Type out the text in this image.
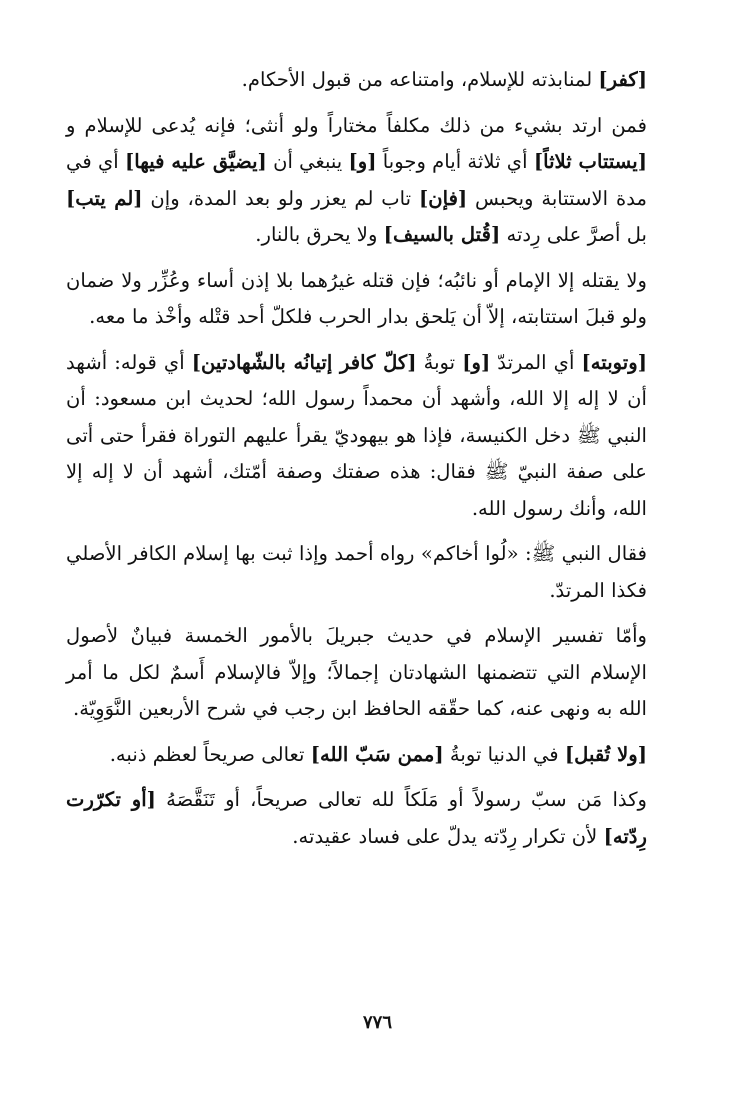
[كفر] لمنابذته للإسلام، وامتناعه من قبول الأحكام.

فمن ارتد بشيء من ذلك مكلفاً مختاراً ولو أنثى؛ فإنه يُدعى للإسلام و [يستتاب ثلاثاً] أي ثلاثة أيام وجوباً [و] ينبغي أن [يضيَّق عليه فيها] أي في مدة الاستتابة ويحبس [فإن] تاب لم يعزر ولو بعد المدة، وإن [لم يتب] بل أصرَّ على رِدته [قُتل بالسيف] ولا يحرق بالنار.

ولا يقتله إلا الإمام أو نائبُه؛ فإن قتله غيرُهما بلا إذن أساء وعُزِّر ولا ضمان ولو قبلَ استتابته، إلاّ أن يَلحق بدار الحرب فلكلّ أحد قتْله وأخْذ ما معه.

[وتوبته] أي المرتدّ [و] توبةُ [كلّ كافر إتيانُه بالشّهادتين] أي قوله: أشهد أن لا إله إلا الله، وأشهد أن محمداً رسول الله؛ لحديث ابن مسعود: أن النبي ﷺ دخل الكنيسة، فإذا هو بيهوديّ يقرأ عليهم التوراة فقرأ حتى أتى على صفة النبيّ ﷺ فقال: هذه صفتك وصفة أمّتك، أشهد أن لا إله إلا الله، وأنك رسول الله.

فقال النبي ﷺ: «لُوا أخاكم» رواه أحمد وإذا ثبت بها إسلام الكافر الأصلي فكذا المرتدّ.

وأمّا تفسير الإسلام في حديث جبريلَ بالأمور الخمسة فبيانٌ لأصول الإسلام التي تتضمنها الشهادتان إجمالاً؛ وإلاّ فالإسلام أَسمٌ لكل ما أمر الله به ونهى عنه، كما حقّقه الحافظ ابن رجب في شرح الأربعين النَّوَوِيّة.

[ولا تُقبل] في الدنيا توبةُ [ممن سَبّ الله] تعالى صريحاً لعظم ذنبه.

وكذا مَن سبّ رسولاً أو مَلَكاً لله تعالى صريحاً، أو تَنَقَّصَهُ [أو تكرّرت رِدّته] لأن تكرار رِدّته يدلّ على فساد عقيدته.

٧٧٦
